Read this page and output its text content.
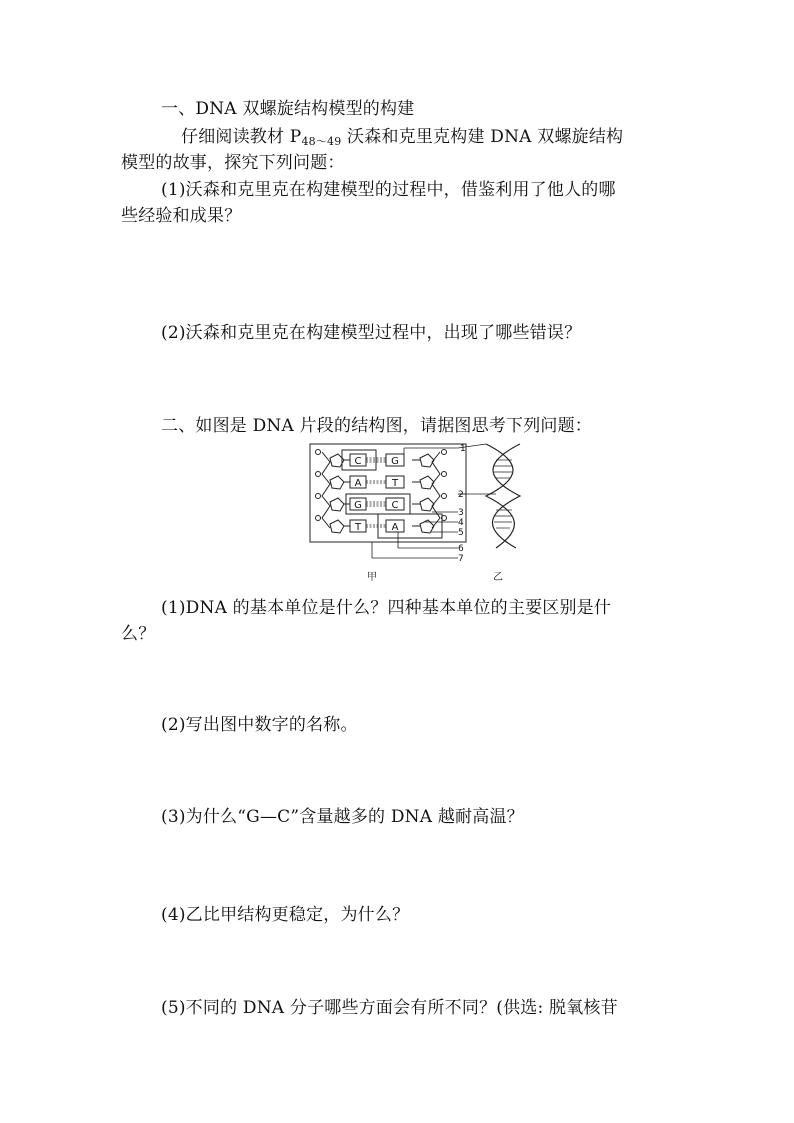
一、DNA 双螺旋结构模型的构建
仔细阅读教材 $P_{48\sim 49}$ 沃森和克里克构建 DNA 双螺旋结构
模型的故事，探究下列问题：
(1)沃森和克里克在构建模型的过程中，借鉴利用了他人的哪
些经验和成果？
(2)沃森和克里克在构建模型过程中，出现了哪些错误？
二、如图是 DNA 片段的结构图，请据图思考下列问题：
C
A
G
T
G
T
C
A
1
2
3
4
5
6
7
甲	乙
(1)DNA 的基本单位是什么？四种基本单位的主要区别是什
么？
(2)写出图中数字的名称。
(3)为什么“G—C”含量越多的 DNA 越耐高温？
(4)乙比甲结构更稳定，为什么？
(5)不同的 DNA 分子哪些方面会有所不同？(供选: 脱氧核苷
